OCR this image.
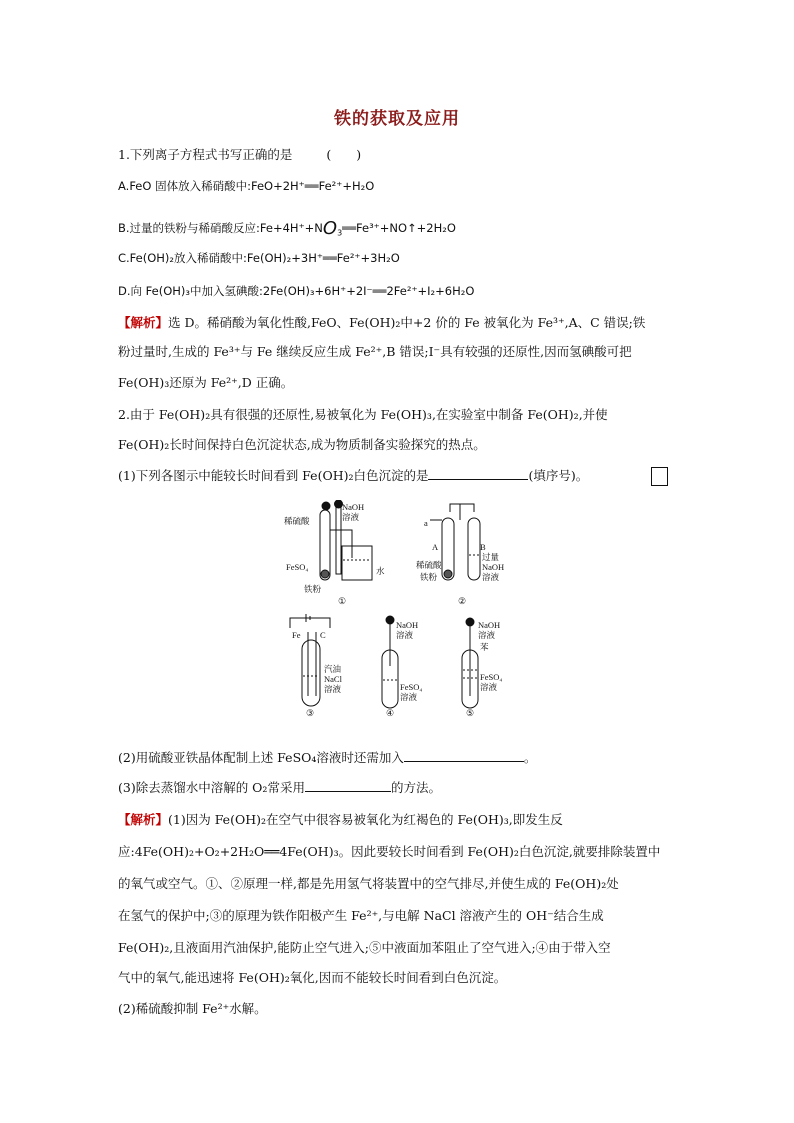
铁的获取及应用
1.下列离子方程式书写正确的是	(　　)
A.FeO 固体放入稀硝酸中:FeO+2H⁺══Fe²⁺+H₂O
B.过量的铁粉与稀硝酸反应$:Fe+4H^++NO_3══Fe^{3+}+NO↑+2H_2O$
C.Fe(OH)₂放入稀硝酸中:Fe(OH)₂+3H⁺══Fe²⁺+3H₂O
D.向 Fe(OH)₃中加入氢碘酸:2Fe(OH)₃+6H⁺+2I⁻══2Fe²⁺+I₂+6H₂O
【解析】选 D。稀硝酸为氧化性酸,FeO、Fe(OH)₂中+2 价的 Fe 被氧化为 Fe³⁺,A、C 错误;铁
粉过量时,生成的 Fe³⁺与 Fe 继续反应生成 Fe²⁺,B 错误;I⁻具有较强的还原性,因而氢碘酸可把
Fe(OH)₃还原为 Fe²⁺,D 正确。
2.由于 Fe(OH)₂具有很强的还原性,易被氧化为 Fe(OH)₃,在实验室中制备 Fe(OH)₂,并使
Fe(OH)₂长时间保持白色沉淀状态,成为物质制备实验探究的热点。
(1)下列各图示中能较长时间看到 Fe(OH)₂白色沉淀的是	(填序号)。
稀硫酸
NaOH
溶液
FeSO₄	水
铁粉
①
a
A	B
过量
NaOH
溶液
稀硫酸
铁粉
②
Fe C
汽油
NaCl
溶液
③
NaOH
溶液
FeSO₄
溶液
④
NaOH
溶液
苯
FeSO₄
溶液
⑤
(2)用硫酸亚铁晶体配制上述 FeSO₄溶液时还需加入	。
(3)除去蒸馏水中溶解的 O₂常采用	的方法。
【解析】(1)因为 Fe(OH)₂在空气中很容易被氧化为红褐色的 Fe(OH)₃,即发生反
应:4Fe(OH)₂+O₂+2H₂O══4Fe(OH)₃。因此要较长时间看到 Fe(OH)₂白色沉淀,就要排除装置中
的氧气或空气。①、②原理一样,都是先用氢气将装置中的空气排尽,并使生成的 Fe(OH)₂处
在氢气的保护中;③的原理为铁作阳极产生 Fe²⁺,与电解 NaCl 溶液产生的 OH⁻结合生成
Fe(OH)₂,且液面用汽油保护,能防止空气进入;⑤中液面加苯阻止了空气进入;④由于带入空
气中的氧气,能迅速将 Fe(OH)₂氧化,因而不能较长时间看到白色沉淀。
(2)稀硫酸抑制 Fe²⁺水解。
